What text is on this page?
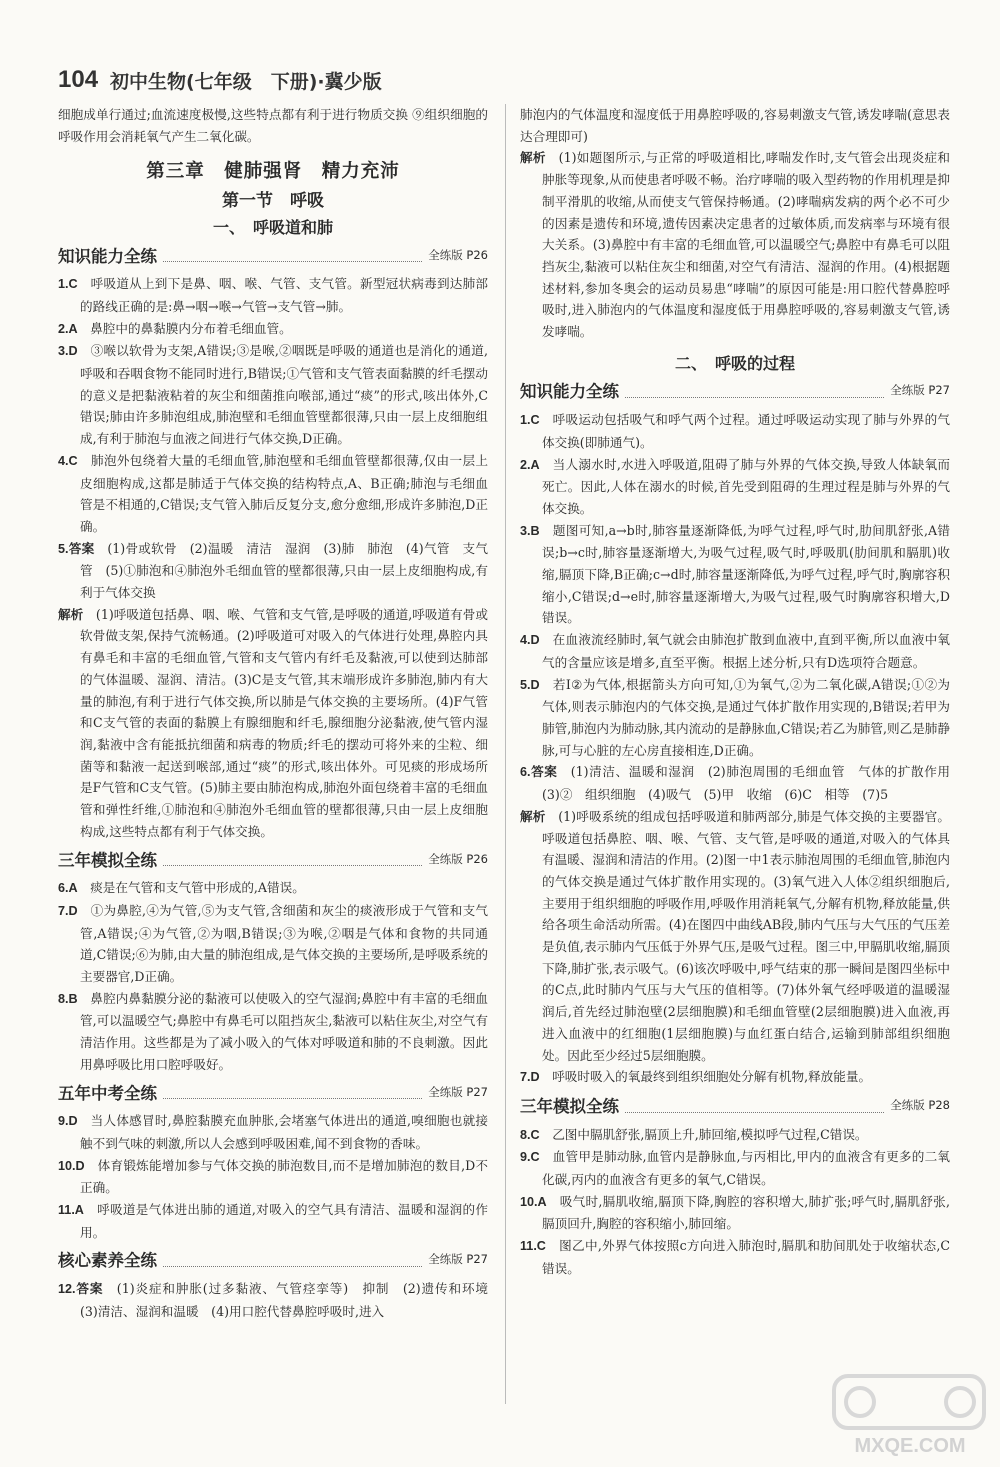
104 初中生物(七年级　下册)·冀少版

细胞成单行通过;血流速度极慢,这些特点都有利于进行物质交换 ⑨组织细胞的呼吸作用会消耗氧气产生二氧化碳。

第三章　健肺强肾　精力充沛
第一节　呼吸
一、　呼吸道和肺
知识能力全练	全练版 P26

1.C　 呼吸道从上到下是鼻、咽、喉、气管、支气管。新型冠状病毒到达肺部的路线正确的是:鼻→咽→喉→气管→支气管→肺。

2.A　 鼻腔中的鼻黏膜内分布着毛细血管。

3.D　 ③喉以软骨为支架,A错误;③是喉,②咽既是呼吸的通道也是消化的通道,呼吸和吞咽食物不能同时进行,B错误;①气管和支气管表面黏膜的纤毛摆动的意义是把黏液粘着的灰尘和细菌推向喉部,通过“痰”的形式,咳出体外,C错误;肺由许多肺泡组成,肺泡壁和毛细血管壁都很薄,只由一层上皮细胞组成,有利于肺泡与血液之间进行气体交换,D正确。

4.C　 肺泡外包绕着大量的毛细血管,肺泡壁和毛细血管壁都很薄,仅由一层上皮细胞构成,这都是肺适于气体交换的结构特点,A、B正确;肺泡与毛细血管是不相通的,C错误;支气管入肺后反复分支,愈分愈细,形成许多肺泡,D正确。

5.答案　 (1)骨或软骨　(2)温暖　清洁　湿润　(3)肺　肺泡　(4)气管　支气管　(5)①肺泡和④肺泡外毛细血管的壁都很薄,只由一层上皮细胞构成,有利于气体交换

解析　 (1)呼吸道包括鼻、咽、喉、气管和支气管,是呼吸的通道,呼吸道有骨或软骨做支架,保持气流畅通。(2)呼吸道可对吸入的气体进行处理,鼻腔内具有鼻毛和丰富的毛细血管,气管和支气管内有纤毛及黏液,可以使到达肺部的气体温暖、湿润、清洁。(3)C是支气管,其末端形成许多肺泡,肺内有大量的肺泡,有利于进行气体交换,所以肺是气体交换的主要场所。(4)F气管和C支气管的表面的黏膜上有腺细胞和纤毛,腺细胞分泌黏液,使气管内湿润,黏液中含有能抵抗细菌和病毒的物质;纤毛的摆动可将外来的尘粒、细菌等和黏液一起送到喉部,通过“痰”的形式,咳出体外。可见痰的形成场所是F气管和C支气管。(5)肺主要由肺泡构成,肺泡外面包绕着丰富的毛细血管和弹性纤维,①肺泡和④肺泡外毛细血管的壁都很薄,只由一层上皮细胞构成,这些特点都有利于气体交换。

三年模拟全练	全练版 P26

6.A　 痰是在气管和支气管中形成的,A错误。

7.D　 ①为鼻腔,④为气管,⑤为支气管,含细菌和灰尘的痰液形成于气管和支气管,A错误;④为气管,②为咽,B错误;③为喉,②咽是气体和食物的共同通道,C错误;⑥为肺,由大量的肺泡组成,是气体交换的主要场所,是呼吸系统的主要器官,D正确。

8.B　 鼻腔内鼻黏膜分泌的黏液可以使吸入的空气湿润;鼻腔中有丰富的毛细血管,可以温暖空气;鼻腔中有鼻毛可以阻挡灰尘,黏液可以粘住灰尘,对空气有清洁作用。这些都是为了减小吸入的气体对呼吸道和肺的不良刺激。因此用鼻呼吸比用口腔呼吸好。

五年中考全练	全练版 P27

9.D　 当人体感冒时,鼻腔黏膜充血肿胀,会堵塞气体进出的通道,嗅细胞也就接触不到气味的刺激,所以人会感到呼吸困难,闻不到食物的香味。

10.D　 体育锻炼能增加参与气体交换的肺泡数目,而不是增加肺泡的数目,D不正确。

11.A　 呼吸道是气体进出肺的通道,对吸入的空气具有清洁、温暖和湿润的作用。

核心素养全练	全练版 P27

12.答案　 (1)炎症和肿胀(过多黏液、气管痉挛等)　抑制　(2)遗传和环境　(3)清洁、湿润和温暖　(4)用口腔代替鼻腔呼吸时,进入

肺泡内的气体温度和湿度低于用鼻腔呼吸的,容易刺激支气管,诱发哮喘(意思表达合理即可)

解析　 (1)如题图所示,与正常的呼吸道相比,哮喘发作时,支气管会出现炎症和肿胀等现象,从而使患者呼吸不畅。治疗哮喘的吸入型药物的作用机理是抑制平滑肌的收缩,从而使支气管保持畅通。(2)哮喘病发病的两个必不可少的因素是遗传和环境,遗传因素决定患者的过敏体质,而发病率与环境有很大关系。(3)鼻腔中有丰富的毛细血管,可以温暖空气;鼻腔中有鼻毛可以阻挡灰尘,黏液可以粘住灰尘和细菌,对空气有清洁、湿润的作用。(4)根据题述材料,参加冬奥会的运动员易患“哮喘”的原因可能是:用口腔代替鼻腔呼吸时,进入肺泡内的气体温度和湿度低于用鼻腔呼吸的,容易刺激支气管,诱发哮喘。

二、　呼吸的过程
知识能力全练	全练版 P27

1.C　 呼吸运动包括吸气和呼气两个过程。通过呼吸运动实现了肺与外界的气体交换(即肺通气)。

2.A　 当人溺水时,水进入呼吸道,阻碍了肺与外界的气体交换,导致人体缺氧而死亡。因此,人体在溺水的时候,首先受到阻碍的生理过程是肺与外界的气体交换。

3.B　 题图可知,a→b时,肺容量逐渐降低,为呼气过程,呼气时,肋间肌舒张,A错误;b→c时,肺容量逐渐增大,为吸气过程,吸气时,呼吸肌(肋间肌和膈肌)收缩,膈顶下降,B正确;c→d时,肺容量逐渐降低,为呼气过程,呼气时,胸廓容积缩小,C错误;d→e时,肺容量逐渐增大,为吸气过程,吸气时胸廓容积增大,D错误。

4.D　 在血液流经肺时,氧气就会由肺泡扩散到血液中,直到平衡,所以血液中氧气的含量应该是增多,直至平衡。根据上述分析,只有D选项符合题意。

5.D　 若I②为气体,根据箭头方向可知,①为氧气,②为二氧化碳,A错误;①②为气体,则表示肺泡内的气体交换,是通过气体扩散作用实现的,B错误;若甲为肺管,肺泡内为肺动脉,其内流动的是静脉血,C错误;若乙为肺管,则乙是肺静脉,可与心脏的左心房直接相连,D正确。

6.答案　 (1)清洁、温暖和湿润　(2)肺泡周围的毛细血管　气体的扩散作用　(3)②　组织细胞　(4)吸气　(5)甲　收缩　(6)C　相等　(7)5

解析　 (1)呼吸系统的组成包括呼吸道和肺两部分,肺是气体交换的主要器官。呼吸道包括鼻腔、咽、喉、气管、支气管,是呼吸的通道,对吸入的气体具有温暖、湿润和清洁的作用。(2)图一中1表示肺泡周围的毛细血管,肺泡内的气体交换是通过气体扩散作用实现的。(3)氧气进入人体②组织细胞后,主要用于组织细胞的呼吸作用,呼吸作用消耗氧气,分解有机物,释放能量,供给各项生命活动所需。(4)在图四中曲线AB段,肺内气压与大气压的气压差是负值,表示肺内气压低于外界气压,是吸气过程。图三中,甲膈肌收缩,膈顶下降,肺扩张,表示吸气。(6)该次呼吸中,呼气结束的那一瞬间是图四坐标中的C点,此时肺内气压与大气压的值相等。(7)体外氧气经呼吸道的温暖湿润后,首先经过肺泡壁(2层细胞膜)和毛细血管壁(2层细胞膜)进入血液,再进入血液中的红细胞(1层细胞膜)与血红蛋白结合,运输到肺部组织细胞处。因此至少经过5层细胞膜。

7.D　 呼吸时吸入的氧最终到组织细胞处分解有机物,释放能量。

三年模拟全练	全练版 P28

8.C　 乙图中膈肌舒张,膈顶上升,肺回缩,模拟呼气过程,C错误。

9.C　 血管甲是肺动脉,血管内是静脉血,与丙相比,甲内的血液含有更多的二氧化碳,丙内的血液含有更多的氧气,C错误。

10.A　 吸气时,膈肌收缩,膈顶下降,胸腔的容积增大,肺扩张;呼气时,膈肌舒张,膈顶回升,胸腔的容积缩小,肺回缩。

11.C　 图乙中,外界气体按照c方向进入肺泡时,膈肌和肋间肌处于收缩状态,C错误。

MXQE.COM
